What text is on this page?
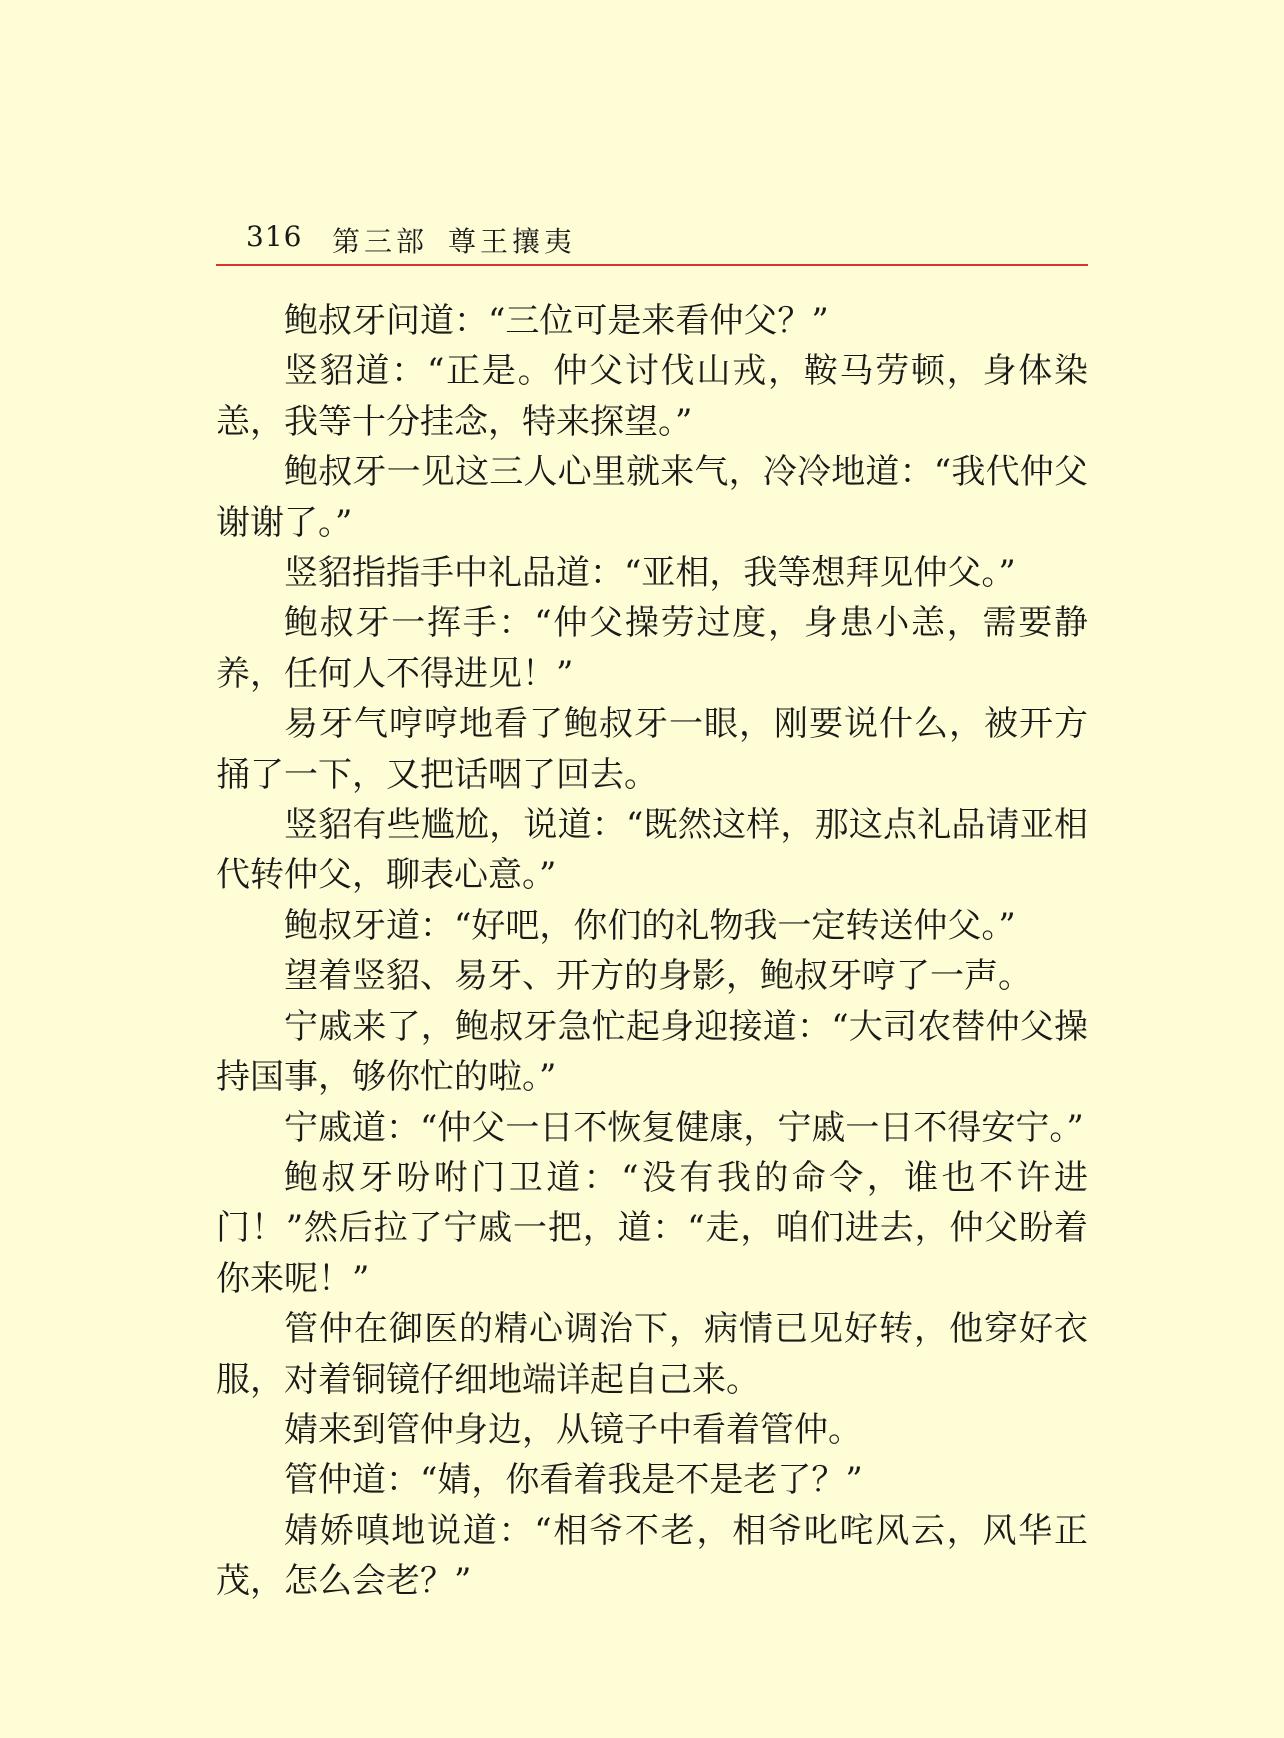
316 第三部 尊王攘夷

鲍叔牙问道：“三位可是来看仲父？”

竖貂道：“正是。仲父讨伐山戎，鞍马劳顿，身体染恙，我等十分挂念，特来探望。”

鲍叔牙一见这三人心里就来气，冷冷地道：“我代仲父谢谢了。”

竖貂指指手中礼品道：“亚相，我等想拜见仲父。”

鲍叔牙一挥手：“仲父操劳过度，身患小恙，需要静养，任何人不得进见！”

易牙气哼哼地看了鲍叔牙一眼，刚要说什么，被开方捅了一下，又把话咽了回去。

竖貂有些尴尬，说道：“既然这样，那这点礼品请亚相代转仲父，聊表心意。”

鲍叔牙道：“好吧，你们的礼物我一定转送仲父。”

望着竖貂、易牙、开方的身影，鲍叔牙哼了一声。

宁戚来了，鲍叔牙急忙起身迎接道：“大司农替仲父操持国事，够你忙的啦。”

宁戚道：“仲父一日不恢复健康，宁戚一日不得安宁。”

鲍叔牙吩咐门卫道：“没有我的命令，谁也不许进门！”然后拉了宁戚一把，道：“走，咱们进去，仲父盼着你来呢！”

管仲在御医的精心调治下，病情已见好转，他穿好衣服，对着铜镜仔细地端详起自己来。

婧来到管仲身边，从镜子中看着管仲。

管仲道：“婧，你看着我是不是老了？”

婧娇嗔地说道：“相爷不老，相爷叱咤风云，风华正茂，怎么会老？”
